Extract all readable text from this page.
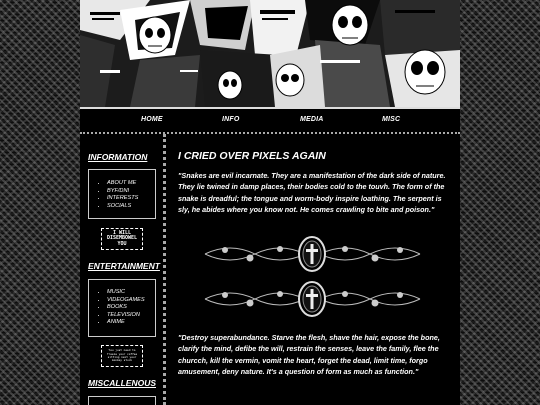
HOME	INFO	MEDIA	MISC
INFORMATION
• ABOUT ME
• BYF/DNI
• INTERESTS
• SOCIALS
I WILL
DISEMBOWEL
YOU
ENTERTAINMENT
• MUSIC
• VIDEOGAMES
• BOOKS
• TELEVISION
• ANIME
You just need to freeze your coffee sitting next your monkey stuck
MISCALLENOUS
I CRIED OVER PIXELS AGAIN
"Snakes are evil incarnate. They are a manifestation of the dark side of nature. They lie twined in damp places, their bodies cold to the touvh. The form of the snake is dreadful; the tongue and worm-body inspire loathing. The serpent is sly, he abides where you know not. He comes crawling to bite and poison."
"Destroy superabundance. Starve the flesh, shave the hair, expose the bone, clarify the mind, defibe the will, restrain the senses, leave the family, flee the churcch, kill the vermin, vomit the heart, forget the dead, limit time, forgo amusement, deny nature. It's a question of form as much as function."
